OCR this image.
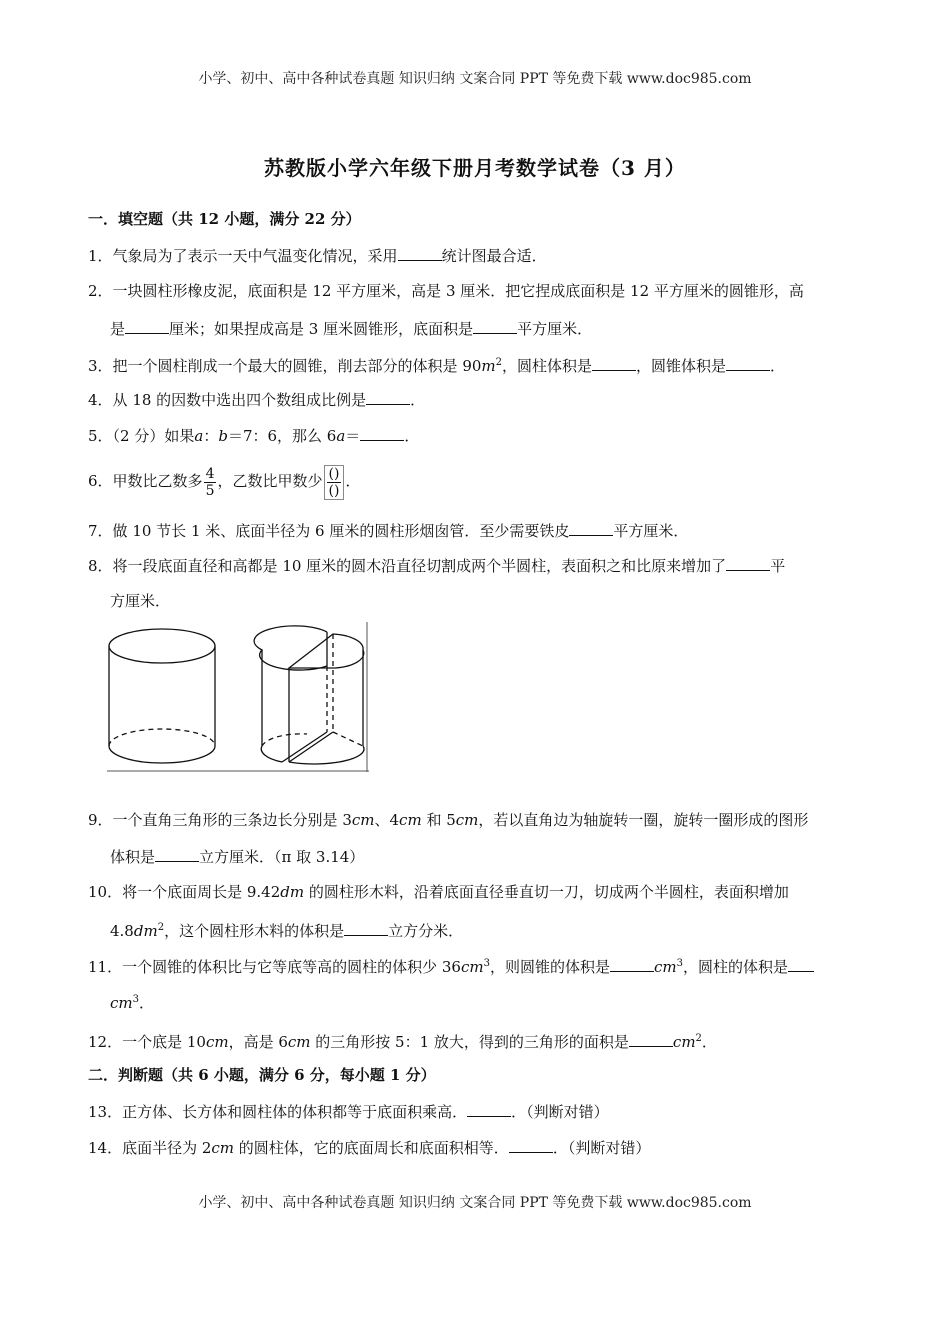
小学、初中、高中各种试卷真题 知识归纳 文案合同 PPT 等免费下载 www.doc985.com
苏教版小学六年级下册月考数学试卷（3 月）
一．填空题（共 12 小题，满分 22 分）
1．气象局为了表示一天中气温变化情况，采用	统计图最合适．
2．一块圆柱形橡皮泥，底面积是 12 平方厘米，高是 3 厘米．把它捏成底面积是 12 平方厘米的圆锥形，高
是	厘米；如果捏成高是 3 厘米圆锥形，底面积是	平方厘米．
3．把一个圆柱削成一个最大的圆锥，削去部分的体积是 $90m^2$，圆柱体积是	，圆锥体积是	．
4．从 18 的因数中选出四个数组成比例是	．
5．（2 分）如果a：b＝7：6，那么 6a＝	．
6．甲数比乙数多 $\frac{4}{5}$ ，乙数比甲数少 $\frac{()}{()}$ ．
7．做 10 节长 1 米、底面半径为 6 厘米的圆柱形烟囱管．至少需要铁皮	平方厘米．
8．将一段底面直径和高都是 10 厘米的圆木沿直径切割成两个半圆柱，表面积之和比原来增加了	平
方厘米．
9．一个直角三角形的三条边长分别是 3cm、4cm 和 5cm，若以直角边为轴旋转一圈，旋转一圈形成的图形
体积是	立方厘米．（π 取 3.14）
10．将一个底面周长是 9.42dm 的圆柱形木料，沿着底面直径垂直切一刀，切成两个半圆柱，表面积增加
$4.8dm^2$，这个圆柱形木料的体积是	立方分米．
11．一个圆锥的体积比与它等底等高的圆柱的体积少 $36cm^3$，则圆锥的体积是	$cm^3$，圆柱的体积是
$cm^3$．
12．一个底是 10cm，高是 6cm 的三角形按 5：1 放大，得到的三角形的面积是	$cm^2$．
二．判断题（共 6 小题，满分 6 分，每小题 1 分）
13．正方体、长方体和圆柱体的体积都等于底面积乘高．	．（判断对错）
14．底面半径为 2cm 的圆柱体，它的底面周长和底面积相等．	．（判断对错）
小学、初中、高中各种试卷真题 知识归纳 文案合同 PPT 等免费下载 www.doc985.com
